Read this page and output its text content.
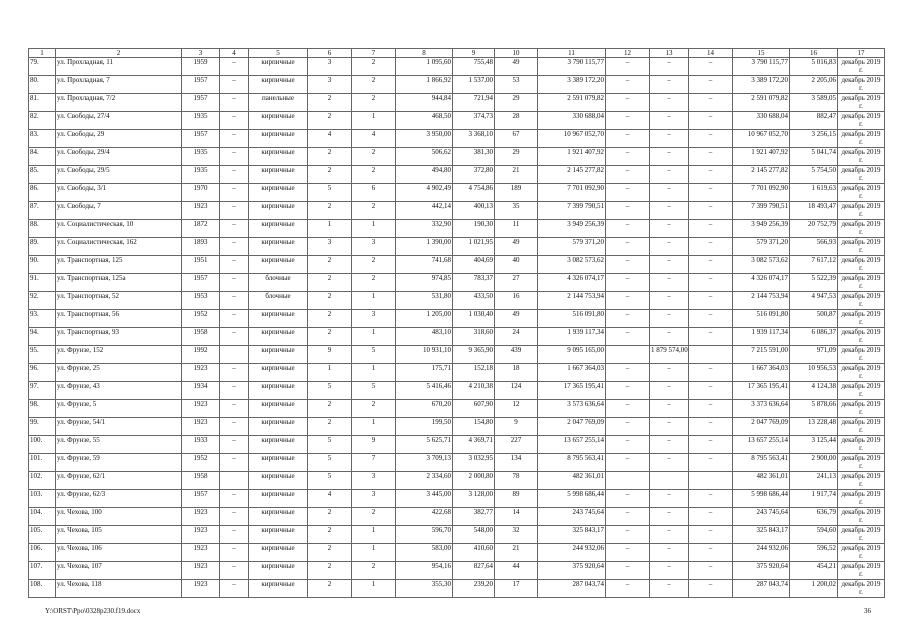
1	2	3	4	5	6	7	8	9	10	11	12	13	14	15	16	17
79.	ул. Прохладная, 11	1959	–	кирпичные	3	2	1 095,60	755,48	49	3 790 115,77	–	–	–	3 790 115,77	5 016,83	декабрь 2019 г.
80.	ул. Прохладная, 7	1957	–	кирпичные	3	2	1 866,92	1 537,00	53	3 389 172,20	–	–	–	3 389 172,20	2 205,06	декабрь 2019 г.
81.	ул. Прохладная, 7/2	1957	–	панельные	2	2	944,84	721,94	29	2 591 079,82	–	–	–	2 591 079,82	3 589,05	декабрь 2019 г.
82.	ул. Свободы, 27/4	1935	–	кирпичные	2	1	468,50	374,73	28	330 688,04	–	–	–	330 688,04	882,47	декабрь 2019 г.
83.	ул. Свободы, 29	1957	–	кирпичные	4	4	3 950,00	3 368,10	67	10 967 052,70	–	–	–	10 967 052,70	3 256,15	декабрь 2019 г.
84.	ул. Свободы, 29/4	1935	–	кирпичные	2	2	506,62	381,30	29	1 921 407,92	–	–	–	1 921 407,92	5 041,74	декабрь 2019 г.
85.	ул. Свободы, 29/5	1935	–	кирпичные	2	2	494,80	372,80	21	2 145 277,82	–	–	–	2 145 277,82	5 754,50	декабрь 2019 г.
86.	ул. Свободы, 3/1	1970	–	кирпичные	5	6	4 902,49	4 754,86	189	7 701 092,90	–	–	–	7 701 092,90	1 619,63	декабрь 2019 г.
87.	ул. Свободы, 7	1923	–	кирпичные	2	2	442,14	400,13	35	7 399 790,51	–	–	–	7 399 790,51	18 493,47	декабрь 2019 г.
88.	ул. Социалистическая, 10	1872	–	кирпичные	1	1	332,90	190,30	11	3 949 256,39	–	–	–	3 949 256,39	20 752,79	декабрь 2019 г.
89.	ул. Социалистическая, 162	1893	–	кирпичные	3	3	1 390,00	1 021,95	49	579 371,20	–	–	–	579 371,20	566,93	декабрь 2019 г.
90.	ул. Транспортная, 125	1951	–	кирпичные	2	2	741,68	404,69	40	3 082 573,62	–	–	–	3 082 573,62	7 617,12	декабрь 2019 г.
91.	ул. Транспортная, 125а	1957	–	блочные	2	2	974,85	783,37	27	4 326 074,17	–	–	–	4 326 074,17	5 522,39	декабрь 2019 г.
92.	ул. Транспортная, 52	1953	–	блочные	2	1	531,80	433,50	16	2 144 753,94	–	–	–	2 144 753,94	4 947,53	декабрь 2019 г.
93.	ул. Транспортная, 56	1952	–	кирпичные	2	3	1 205,00	1 030,40	49	516 091,80	–	–	–	516 091,80	500,87	декабрь 2019 г.
94.	ул. Транспортная, 93	1958	–	кирпичные	2	1	483,10	318,60	24	1 939 117,34	–	–	–	1 939 117,34	6 086,37	декабрь 2019 г.
95.	ул. Фрунзе, 152	1992		кирпичные	9	5	10 931,10	9 365,90	439	9 095 165,00		1 879 574,00		7 215 591,00	971,09	декабрь 2019 г.
96.	ул. Фрунзе, 25	1923	–	кирпичные	1	1	175,71	152,18	18	1 667 364,03	–	–	–	1 667 364,03	10 956,53	декабрь 2019 г.
97.	ул. Фрунзе, 43	1934	–	кирпичные	5	5	5 416,46	4 210,38	124	17 365 195,41	–	–	–	17 365 195,41	4 124,38	декабрь 2019 г.
98.	ул. Фрунзе, 5	1923	–	кирпичные	2	2	670,20	607,90	12	3 573 636,64	–	–	–	3 373 636,64	5 878,66	декабрь 2019 г.
99.	ул. Фрунзе, 54/1	1923	–	кирпичные	2	1	199,50	154,80	9	2 047 769,09	–	–	–	2 047 769,09	13 228,48	декабрь 2019 г.
100.	ул. Фрунзе, 55	1933	–	кирпичные	5	9	5 625,71	4 369,71	227	13 657 255,14	–	–	–	13 657 255,14	3 125,44	декабрь 2019 г.
101.	ул. Фрунзе, 59	1952	–	кирпичные	5	7	3 709,13	3 032,95	134	8 795 563,41	–	–	–	8 795 563,41	2 900,00	декабрь 2019 г.
102.	ул. Фрунзе, 62/1	1958		кирпичные	5	3	2 334,60	2 000,80	78	482 361,01				482 361,01	241,13	декабрь 2019 г.
103.	ул. Фрунзе, 62/3	1957	–	кирпичные	4	3	3 445,00	3 128,00	89	5 998 686,44	–	–	–	5 998 686,44	1 917,74	декабрь 2019 г.
104.	ул. Чехова, 100	1923	–	кирпичные	2	2	422,68	382,77	14	243 745,64	–	–	–	243 745,64	636,79	декабрь 2019 г.
105.	ул. Чехова, 105	1923	–	кирпичные	2	1	596,70	548,00	32	325 843,17	–	–	–	325 843,17	594,60	декабрь 2019 г.
106.	ул. Чехова, 106	1923	–	кирпичные	2	1	583,00	410,60	21	244 932,06	–	–	–	244 932,06	596,52	декабрь 2019 г.
107.	ул. Чехова, 107	1923	–	кирпичные	2	2	954,16	827,64	44	375 920,64	–	–	–	375 920,64	454,21	декабрь 2019 г.
108.	ул. Чехова, 118	1923	–	кирпичные	2	1	355,30	239,20	17	287 043,74	–	–	–	287 043,74	1 200,02	декабрь 2019 г.
Y:\ORST\Ppo\0328p230.f19.docx	36
